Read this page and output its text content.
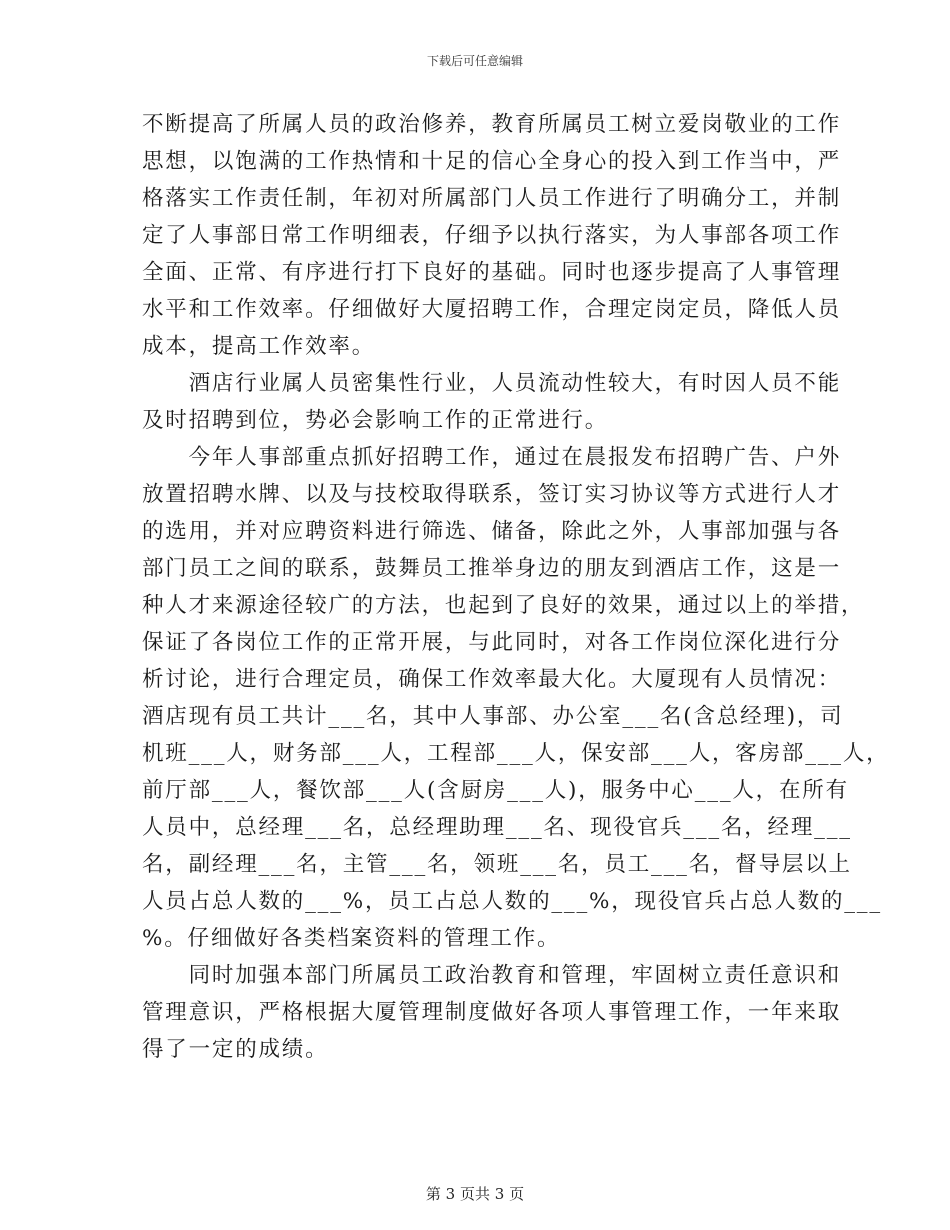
下载后可任意编辑
不断提高了所属人员的政治修养，教育所属员工树立爱岗敬业的工作
思想，以饱满的工作热情和十足的信心全身心的投入到工作当中，严
格落实工作责任制，年初对所属部门人员工作进行了明确分工，并制
定了人事部日常工作明细表，仔细予以执行落实，为人事部各项工作
全面、正常、有序进行打下良好的基础。同时也逐步提高了人事管理
水平和工作效率。仔细做好大厦招聘工作，合理定岗定员，降低人员
成本，提高工作效率。
　　酒店行业属人员密集性行业，人员流动性较大，有时因人员不能
及时招聘到位，势必会影响工作的正常进行。
　　今年人事部重点抓好招聘工作，通过在晨报发布招聘广告、户外
放置招聘水牌、以及与技校取得联系，签订实习协议等方式进行人才
的选用，并对应聘资料进行筛选、储备，除此之外，人事部加强与各
部门员工之间的联系，鼓舞员工推举身边的朋友到酒店工作，这是一
种人才来源途径较广的方法，也起到了良好的效果，通过以上的举措，
保证了各岗位工作的正常开展，与此同时，对各工作岗位深化进行分
析讨论，进行合理定员，确保工作效率最大化。大厦现有人员情况：
酒店现有员工共计___名，其中人事部、办公室___名(含总经理)，司
机班___人，财务部___人，工程部___人，保安部___人，客房部___人，
前厅部___人，餐饮部___人(含厨房___人)，服务中心___人，在所有
人员中，总经理___名，总经理助理___名、现役官兵___名，经理___
名，副经理___名，主管___名，领班___名，员工___名，督导层以上
人员占总人数的___%，员工占总人数的___%，现役官兵占总人数的___
%。仔细做好各类档案资料的管理工作。
　　同时加强本部门所属员工政治教育和管理，牢固树立责任意识和
管理意识，严格根据大厦管理制度做好各项人事管理工作，一年来取
得了一定的成绩。
第 3 页共 3 页
